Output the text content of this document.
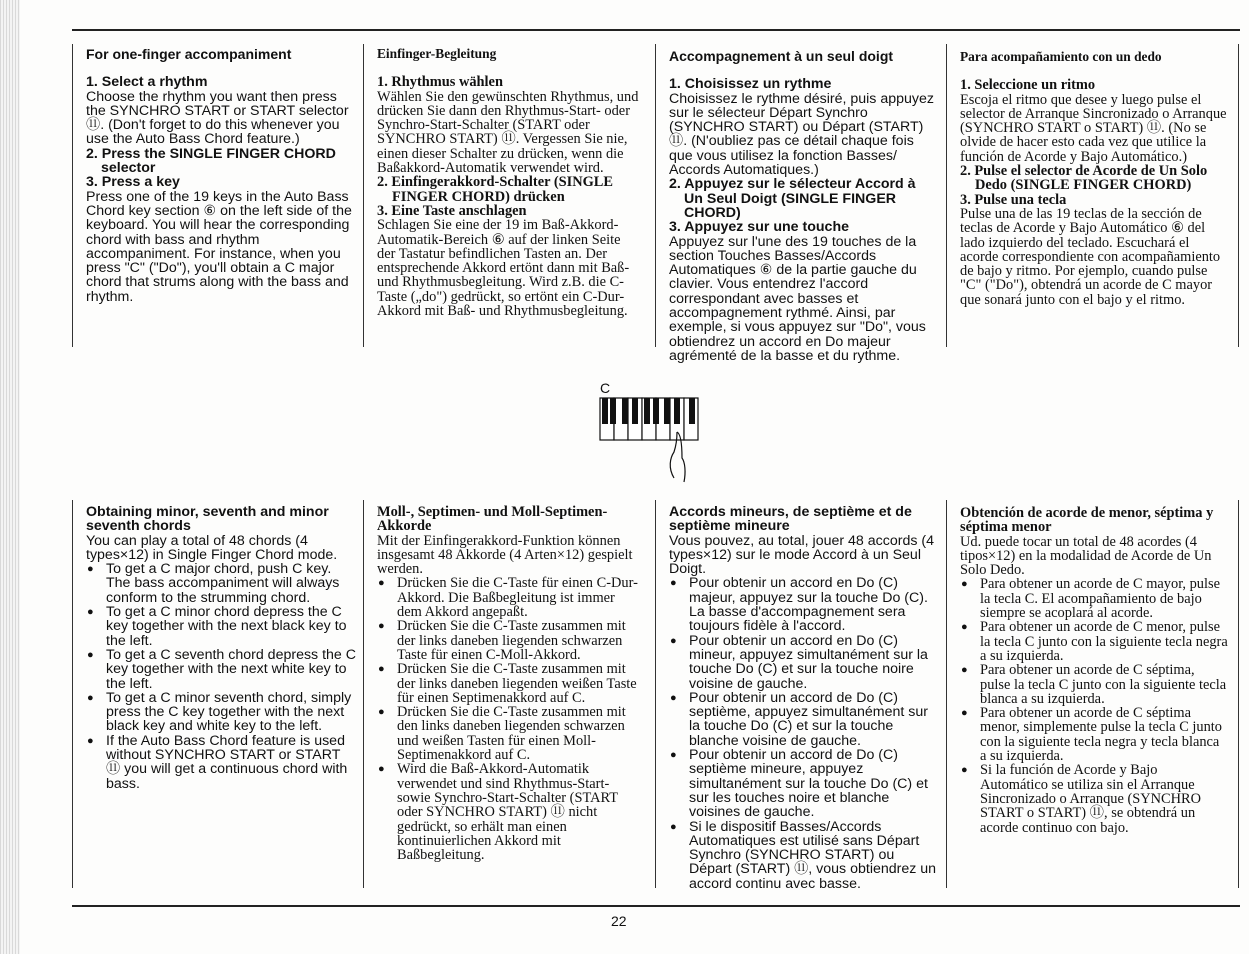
For one-finger accompaniment

1. Select a rhythm

Choose the rhythm you want then press the SYNCHRO START or START selector ⑪. (Don't forget to do this whenever you use the Auto Bass Chord feature.)

2. Press the SINGLE FINGER CHORD selector

3. Press a key

Press one of the 19 keys in the Auto Bass Chord key section ⑥ on the left side of the keyboard. You will hear the corresponding chord with bass and rhythm accompaniment. For instance, when you press "C" ("Do"), you'll obtain a C major chord that strums along with the bass and rhythm.

Einfinger-Begleitung

1. Rhythmus wählen

Wählen Sie den gewünschten Rhythmus, und drücken Sie dann den Rhythmus-Start- oder Synchro-Start-Schalter (START oder SYNCHRO START) ⑪. Vergessen Sie nie, einen dieser Schalter zu drücken, wenn die Baßakkord-Automatik verwendet wird.

2. Einfingerakkord-Schalter (SINGLE FINGER CHORD) drücken

3. Eine Taste anschlagen

Schlagen Sie eine der 19 im Baß-Akkord-Automatik-Bereich ⑥ auf der linken Seite der Tastatur befindlichen Tasten an. Der entsprechende Akkord ertönt dann mit Baß- und Rhythmusbegleitung. Wird z.B. die C-Taste („do") gedrückt, so ertönt ein C-Dur-Akkord mit Baß- und Rhythmusbegleitung.

Accompagnement à un seul doigt

1. Choisissez un rythme

Choisissez le rythme désiré, puis appuyez sur le sélecteur Départ Synchro (SYNCHRO START) ou Départ (START) ⑪. (N'oubliez pas ce détail chaque fois que vous utilisez la fonction Basses/ Accords Automatiques.)

2. Appuyez sur le sélecteur Accord à Un Seul Doigt (SINGLE FINGER CHORD)

3. Appuyez sur une touche

Appuyez sur l'une des 19 touches de la section Touches Basses/Accords Automatiques ⑥ de la partie gauche du clavier. Vous entendrez l'accord correspondant avec basses et accompagnement rythmé. Ainsi, par exemple, si vous appuyez sur "Do", vous obtiendrez un accord en Do majeur agrémenté de la basse et du rythme.

Para acompañamiento con un dedo

1. Seleccione un ritmo

Escoja el ritmo que desee y luego pulse el selector de Arranque Sincronizado o Arranque (SYNCHRO START o START) ⑪. (No se olvide de hacer esto cada vez que utilice la función de Acorde y Bajo Automático.)

2. Pulse el selector de Acorde de Un Solo Dedo (SINGLE FINGER CHORD)

3. Pulse una tecla

Pulse una de las 19 teclas de la sección de teclas de Acorde y Bajo Automático ⑥ del lado izquierdo del teclado. Escuchará el acorde correspondiente con acompañamiento de bajo y ritmo. Por ejemplo, cuando pulse "C" ("Do"), obtendrá un acorde de C mayor que sonará junto con el bajo y el ritmo.

C

Obtaining minor, seventh and minor seventh chords

You can play a total of 48 chords (4 types×12) in Single Finger Chord mode.

● To get a C major chord, push C key. The bass accompaniment will always conform to the strumming chord.
● To get a C minor chord depress the C key together with the next black key to the left.
● To get a C seventh chord depress the C key together with the next white key to the left.
● To get a C minor seventh chord, simply press the C key together with the next black key and white key to the left.
● If the Auto Bass Chord feature is used without SYNCHRO START or START ⑪ you will get a continuous chord with bass.

Moll-, Septimen- und Moll-Septimen-Akkorde

Mit der Einfingerakkord-Funktion können insgesamt 48 Akkorde (4 Arten×12) gespielt werden.

● Drücken Sie die C-Taste für einen C-Dur-Akkord. Die Baßbegleitung ist immer dem Akkord angepaßt.
● Drücken Sie die C-Taste zusammen mit der links daneben liegenden schwarzen Taste für einen C-Moll-Akkord.
● Drücken Sie die C-Taste zusammen mit der links daneben liegenden weißen Taste für einen Septimenakkord auf C.
● Drücken Sie die C-Taste zusammen mit den links daneben liegenden schwarzen und weißen Tasten für einen Moll-Septimenakkord auf C.
● Wird die Baß-Akkord-Automatik verwendet und sind Rhythmus-Start- sowie Synchro-Start-Schalter (START oder SYNCHRO START) ⑪ nicht gedrückt, so erhält man einen kontinuierlichen Akkord mit Baßbegleitung.

Accords mineurs, de septième et de septième mineure

Vous pouvez, au total, jouer 48 accords (4 types×12) sur le mode Accord à un Seul Doigt.

● Pour obtenir un accord en Do (C) majeur, appuyez sur la touche Do (C). La basse d'accompagnement sera toujours fidèle à l'accord.
● Pour obtenir un accord en Do (C) mineur, appuyez simultanément sur la touche Do (C) et sur la touche noire voisine de gauche.
● Pour obtenir un accord de Do (C) septième, appuyez simultanément sur la touche Do (C) et sur la touche blanche voisine de gauche.
● Pour obtenir un accord de Do (C) septième mineure, appuyez simultanément sur la touche Do (C) et sur les touches noire et blanche voisines de gauche.
● Si le dispositif Basses/Accords Automatiques est utilisé sans Départ Synchro (SYNCHRO START) ou Départ (START) ⑪, vous obtiendrez un accord continu avec basse.

Obtención de acorde de menor, séptima y séptima menor

Ud. puede tocar un total de 48 acordes (4 tipos×12) en la modalidad de Acorde de Un Solo Dedo.

● Para obtener un acorde de C mayor, pulse la tecla C. El acompañamiento de bajo siempre se acoplará al acorde.
● Para obtener un acorde de C menor, pulse la tecla C junto con la siguiente tecla negra a su izquierda.
● Para obtener un acorde de C séptima, pulse la tecla C junto con la siguiente tecla blanca a su izquierda.
● Para obtener un acorde de C séptima menor, simplemente pulse la tecla C junto con la siguiente tecla negra y tecla blanca a su izquierda.
● Si la función de Acorde y Bajo Automático se utiliza sin el Arranque Sincronizado o Arranque (SYNCHRO START o START) ⑪, se obtendrá un acorde continuo con bajo.
22
